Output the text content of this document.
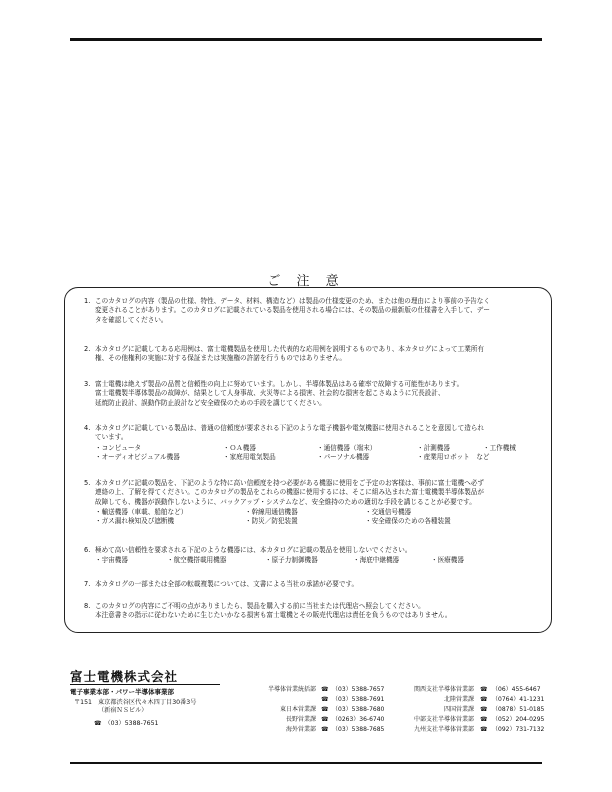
ご 注 意
1. このカタログの内容（製品の仕様、特性、データ、材料、構造など）は製品の仕様変更のため、または他の理由により事前の予告なく

変更されることがあります。このカタログに記載されている製品を使用される場合には、その製品の最新版の仕様書を入手して、デー

タを確認してください。

2. 本カタログに記載してある応用例は、富士電機製品を使用した代表的な応用例を説明するものであり、本カタログによって工業所有

権、その他権利の実施に対する保証または実施権の許諾を行うものではありません。

3. 富士電機は絶えず製品の品質と信頼性の向上に努めています。しかし、半導体製品はある確率で故障する可能性があります。

富士電機製半導体製品の故障が、結果として人身事故、火災等による損害、社会的な損害を起こさぬように冗長設計、

延焼防止設計、誤動作防止設計など安全確保のための手段を講じてください。

4. 本カタログに記載している製品は、普通の信頼度が要求される下記のような電子機器や電気機器に使用されることを意図して造られ

ています。

・コンピュータ	・ＯＡ機器	・通信機器（端末）	・計測機器	・工作機械
・オーディオビジュアル機器	・家庭用電気製品	・パーソナル機器	・産業用ロボット　など
5. 本カタログに記載の製品を、下記のような特に高い信頼度を持つ必要がある機器に使用をご予定のお客様は、事前に富士電機へ必ず

連絡の上、了解を得てください。このカタログの製品をこれらの機器に使用するには、そこに組み込まれた富士電機製半導体製品が

故障しても、機器が誤動作しないように、バックアップ・システムなど、安全維持のための適切な手段を講じることが必要です。

・輸送機器（車載、船舶など）	・幹線用通信機器	・交通信号機器
・ガス漏れ検知及び遮断機	・防災／防犯装置	・安全確保のための各種装置
6. 極めて高い信頼性を要求される下記のような機器には、本カタログに記載の製品を使用しないでください。

・宇宙機器	・航空機搭載用機器	・原子力制御機器	・海底中継機器	・医療機器
7. 本カタログの一部または全部の転載複製については、文書による当社の承諾が必要です。

8. このカタログの内容にご不明の点がありましたら、製品を購入する前に当社または代理店へ照会してください。

本注意書きの指示に従わないために生じたいかなる損害も富士電機とその販売代理店は責任を負うものではありません。

富士電機株式会社
電子事業本部・パワー半導体事業部
〒151 東京都渋谷区代々木四丁目30番3号
（新宿ＮＳビル）
☎ （03）5388-7651
半導体営業統括部 ☎ （03）5388-7657
☎ （03）5388-7691
東日本営業課 ☎ （03）5388-7680
長野営業課 ☎ （0263）36-6740
海外営業部 ☎ （03）5388-7685
関西支社半導体営業部 ☎ （06）455-6467
北陸営業課 ☎ （0764）41-1231
四国営業課 ☎ （0878）51-0185
中部支社半導体営業部 ☎ （052）204-0295
九州支社半導体営業部 ☎ （092）731-7132
